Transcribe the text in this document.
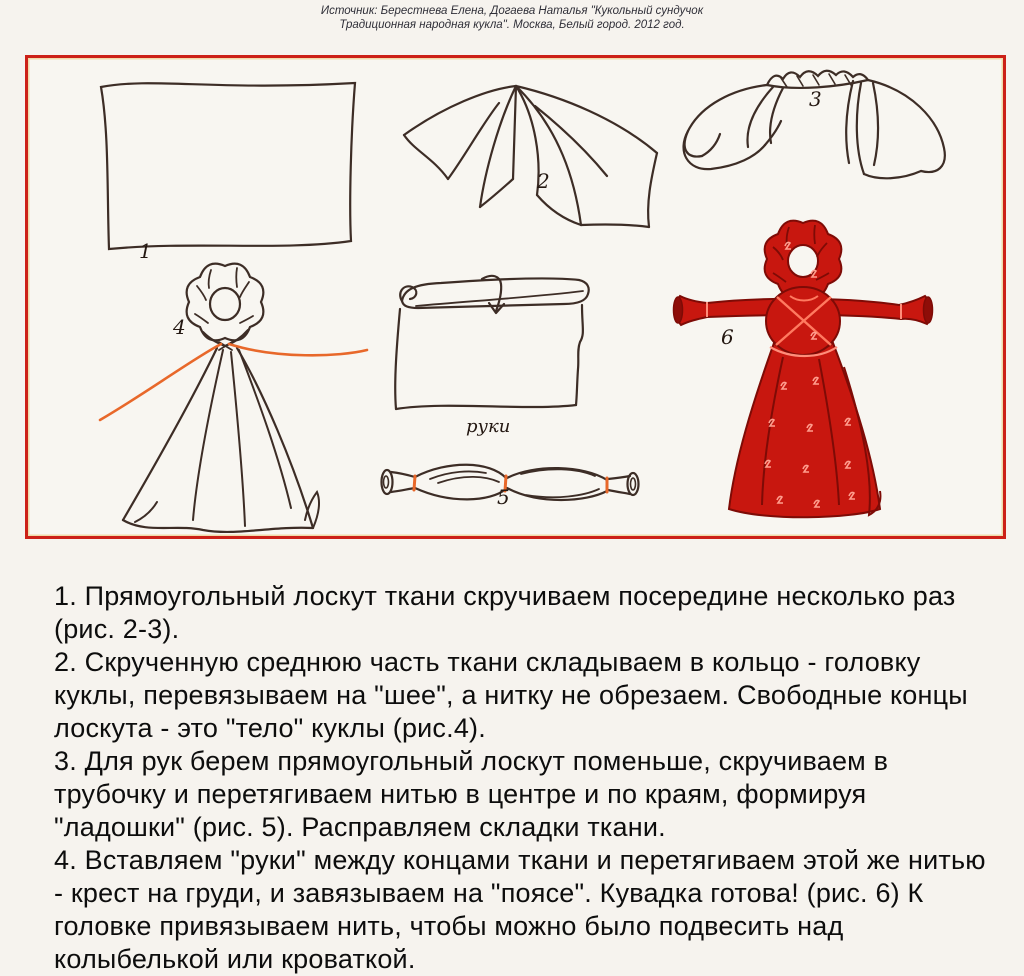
Источник: Берестнева Елена, Догаева Наталья "Кукольный сундучок
Традиционная народная кукла". Москва, Белый город. 2012 год.
1
2
3
4
руки
5
6
1. Прямоугольный лоскут ткани скручиваем посередине несколько раз
(рис. 2-3).
2. Скрученную среднюю часть ткани складываем в кольцо - головку
куклы, перевязываем на "шее", а нитку не обрезаем. Свободные концы
лоскута - это "тело" куклы (рис.4).
3. Для рук берем прямоугольный лоскут поменьше, скручиваем в
трубочку и перетягиваем нитью в центре и по краям, формируя
"ладошки" (рис. 5). Расправляем складки ткани.
4. Вставляем "руки" между концами ткани и перетягиваем этой же нитью
- крест на груди, и завязываем на "поясе". Кувадка готова! (рис. 6) К
головке привязываем нить, чтобы можно было подвесить над
колыбелькой или кроваткой.
